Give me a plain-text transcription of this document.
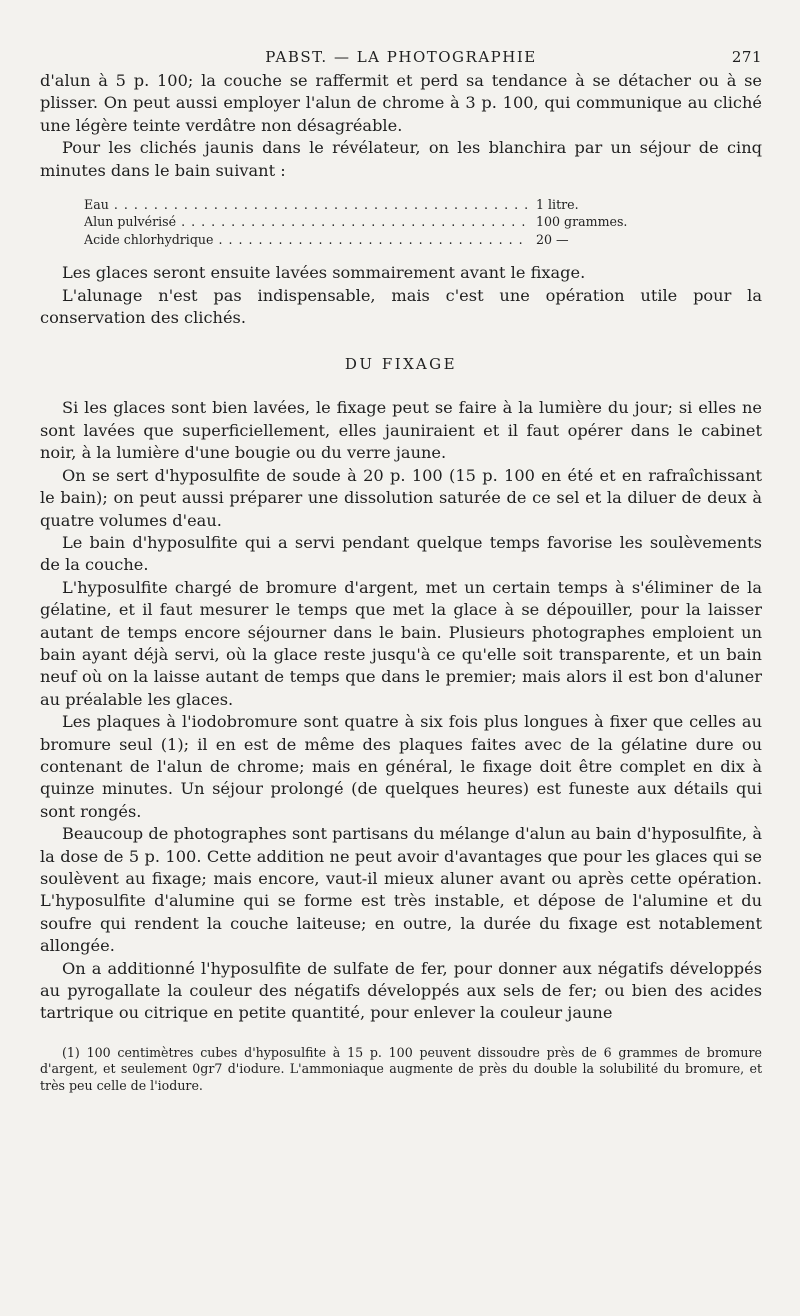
PABST. — LA PHOTOGRAPHIE	271

d'alun à 5 p. 100; la couche se raffermit et perd sa tendance à se détacher ou à se plisser. On peut aussi employer l'alun de chrome à 3 p. 100, qui communique au cliché une légère teinte verdâtre non désagréable.

Pour les clichés jaunis dans le révélateur, on les blanchira par un séjour de cinq minutes dans le bain suivant :

Eau . . .	1 litre.
Alun pulvérisé . . .	100 grammes.
Acide chlorhydrique . . .	20 —

Les glaces seront ensuite lavées sommairement avant le fixage.

L'alunage n'est pas indispensable, mais c'est une opération utile pour la conservation des clichés.

DU FIXAGE

Si les glaces sont bien lavées, le fixage peut se faire à la lumière du jour; si elles ne sont lavées que superficiellement, elles jauniraient et il faut opérer dans le cabinet noir, à la lumière d'une bougie ou du verre jaune.

On se sert d'hyposulfite de soude à 20 p. 100 (15 p. 100 en été et en rafraîchissant le bain); on peut aussi préparer une dissolution saturée de ce sel et la diluer de deux à quatre volumes d'eau.

Le bain d'hyposulfite qui a servi pendant quelque temps favorise les soulèvements de la couche.

L'hyposulfite chargé de bromure d'argent, met un certain temps à s'éliminer de la gélatine, et il faut mesurer le temps que met la glace à se dépouiller, pour la laisser autant de temps encore séjourner dans le bain. Plusieurs photographes emploient un bain ayant déjà servi, où la glace reste jusqu'à ce qu'elle soit transparente, et un bain neuf où on la laisse autant de temps que dans le premier; mais alors il est bon d'aluner au préalable les glaces.

Les plaques à l'iodobromure sont quatre à six fois plus longues à fixer que celles au bromure seul (1); il en est de même des plaques faites avec de la gélatine dure ou contenant de l'alun de chrome; mais en général, le fixage doit être complet en dix à quinze minutes. Un séjour prolongé (de quelques heures) est funeste aux détails qui sont rongés.

Beaucoup de photographes sont partisans du mélange d'alun au bain d'hyposulfite, à la dose de 5 p. 100. Cette addition ne peut avoir d'avantages que pour les glaces qui se soulèvent au fixage; mais encore, vaut-il mieux aluner avant ou après cette opération. L'hyposulfite d'alumine qui se forme est très instable, et dépose de l'alumine et du soufre qui rendent la couche laiteuse; en outre, la durée du fixage est notablement allongée.

On a additionné l'hyposulfite de sulfate de fer, pour donner aux négatifs développés au pyrogallate la couleur des négatifs développés aux sels de fer; ou bien des acides tartrique ou citrique en petite quantité, pour enlever la couleur jaune

(1) 100 centimètres cubes d'hyposulfite à 15 p. 100 peuvent dissoudre près de 6 grammes de bromure d'argent, et seulement 0gr7 d'iodure. L'ammoniaque augmente de près du double la solubilité du bromure, et très peu celle de l'iodure.
